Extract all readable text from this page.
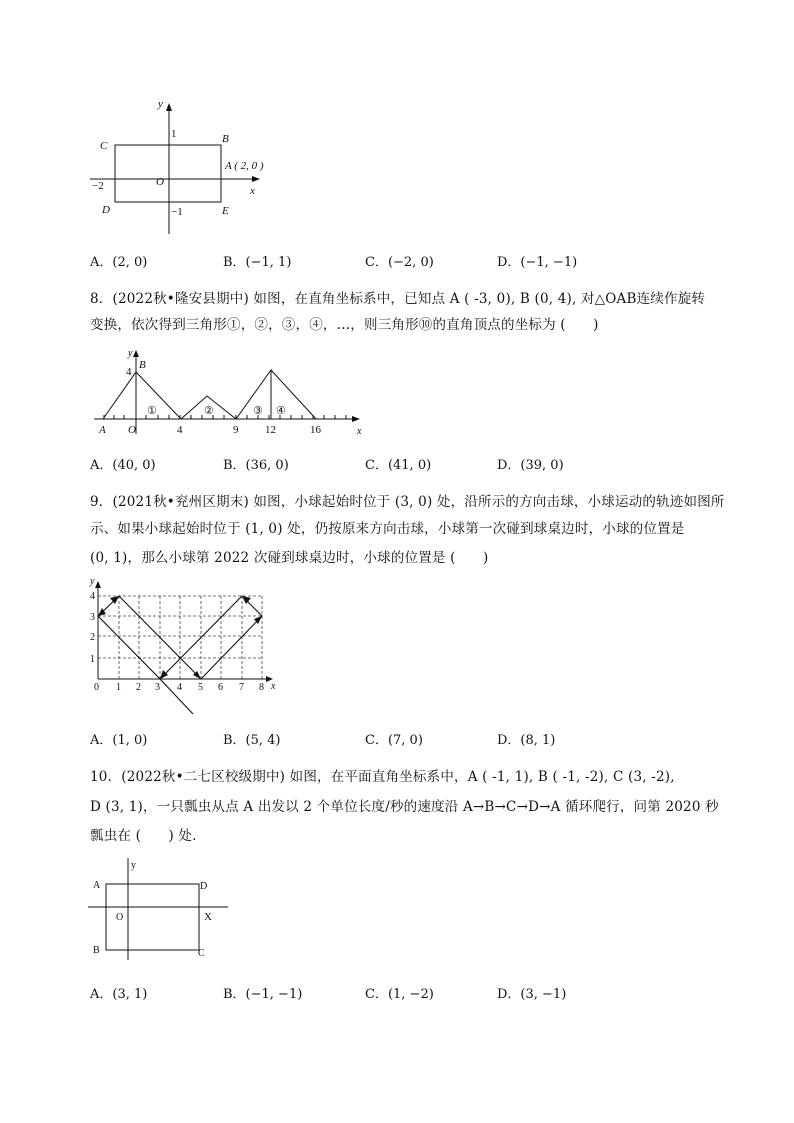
y
x
C
B
A ( 2, 0 )
D	E
1
−1
−2	O
A．(2, 0)	B．(−1, 1)	C．(−2, 0)	D．(−1, −1)
8．(2022秋•隆安县期中) 如图，在直角坐标系中，已知点 A ( -3, 0), B (0, 4), 对△OAB连续作旋转
变换，依次得到三角形①，②，③，④，…，则三角形⑩的直角顶点的坐标为 (　　)
y
x
4
B
A O	4	9 12	16
①	②	③ ④
A．(40, 0)	B．(36, 0)	C．(41, 0)	D．(39, 0)
9．(2021秋•兖州区期末) 如图，小球起始时位于 (3, 0) 处，沿所示的方向击球，小球运动的轨迹如图所
示、如果小球起始时位于 (1, 0) 处，仍按原来方向击球，小球第一次碰到球桌边时，小球的位置是
(0, 1)，那么小球第 2022 次碰到球桌边时，小球的位置是 (　　)
y
x
0 1 2 3 4 5 6 7 8
1
2
3
4
A．(1, 0)	B．(5, 4)	C．(7, 0)	D．(8, 1)
10．(2022秋•二七区校级期中) 如图，在平面直角坐标系中，A ( -1, 1), B ( -1, -2), C (3, -2),
D (3, 1)，一只瓢虫从点 A 出发以 2 个单位长度/秒的速度沿 A→B→C→D→A 循环爬行，问第 2020 秒
瓢虫在 (　　) 处.
A	D
B	C
O	X
y
A．(3, 1)	B．(−1, −1)	C．(1, −2)	D．(3, −1)
